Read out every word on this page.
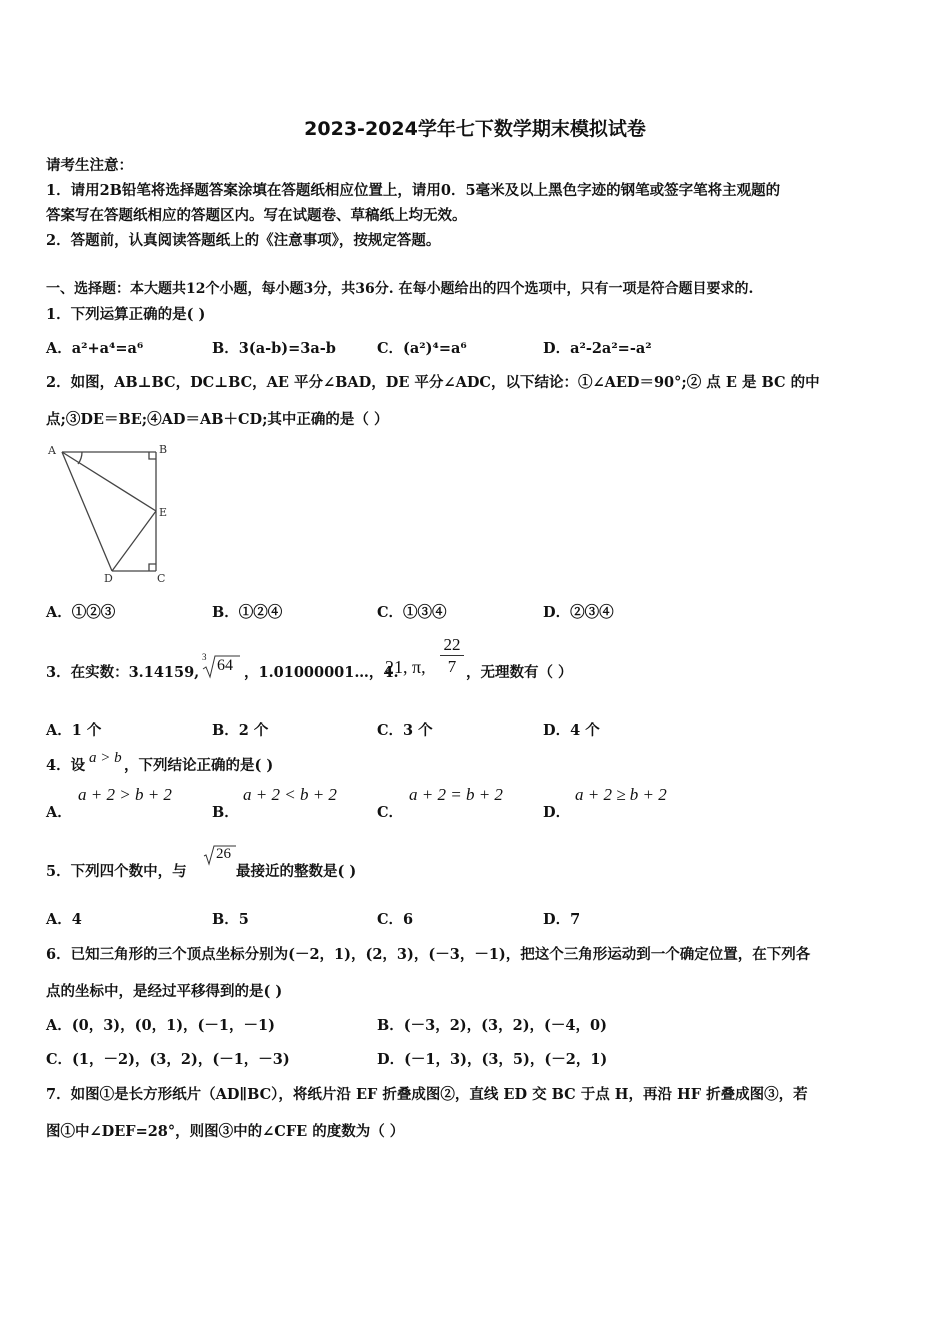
2023-2024学年七下数学期末模拟试卷
请考生注意：
1．请用2B铅笔将选择题答案涂填在答题纸相应位置上，请用0．5毫米及以上黑色字迹的钢笔或签字笔将主观题的
答案写在答题纸相应的答题区内。写在试题卷、草稿纸上均无效。
2．答题前，认真阅读答题纸上的《注意事项》，按规定答题。
一、选择题：本大题共12个小题，每小题3分，共36分. 在每小题给出的四个选项中，只有一项是符合题目要求的.
1．下列运算正确的是( )
A．a²+a⁴=a⁶	B．3(a-b)=3a-b	C．(a²)⁴=a⁶	D．a²-2a²=-a²
2．如图，AB⊥BC，DC⊥BC，AE 平分∠BAD，DE 平分∠ADC，以下结论：①∠AED＝90°;② 点 E 是 BC 的中
点;③DE＝BE;④AD＝AB＋CD;其中正确的是（ ）
A	B
E
D	C
A．①②③	B．①②④	C．①③④	D．②③④
3．在实数：3.14159,
3 64 ，1.01000001…，4.
21, π, $\frac{22}{7}$ ，无理数有（ ）
A．1 个	B．2 个	C．3 个	D．4 个
4．设 a > b ，下列结论正确的是( )
A．
a + 2 > b + 2
B．
a + 2 < b + 2
C．
a + 2 = b + 2
D．
a + 2 ≥ b + 2
5．下列四个数中，与
26
最接近的整数是( )
A．4	B．5	C．6	D．7
6．已知三角形的三个顶点坐标分别为(－2，1)，(2，3)，(－3，－1)，把这个三角形运动到一个确定位置，在下列各
点的坐标中，是经过平移得到的是( )
A．(0，3)，(0，1)，(－1，－1)	B．(－3，2)，(3，2)，(－4，0)
C．(1，－2)，(3，2)，(－1，－3)	D．(－1，3)，(3，5)，(－2，1)
7．如图①是长方形纸片（AD∥BC），将纸片沿 EF 折叠成图②，直线 ED 交 BC 于点 H，再沿 HF 折叠成图③，若
图①中∠DEF=28°，则图③中的∠CFE 的度数为（ ）
